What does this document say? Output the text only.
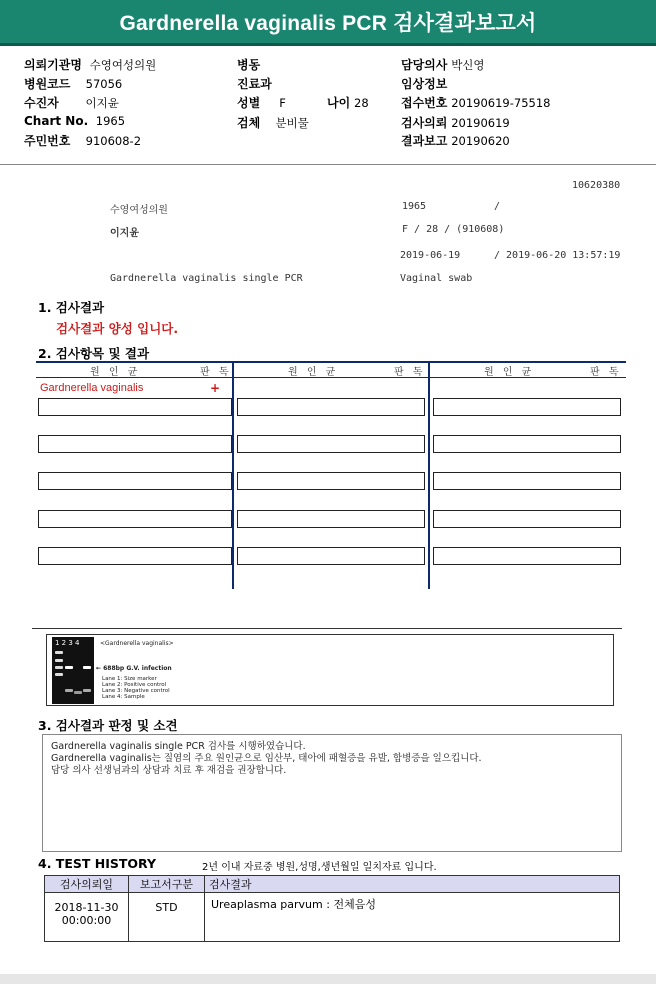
Gardnerella vaginalis PCR 검사결과보고서
의뢰기관명 수영여성의원	병동	담당의사 박신영
병원코드 57056	진료과	임상정보
수진자 이지윤	성별 F	나이 28	접수번호 20190619-75518
Chart No. 1965	검체 분비물	검사의뢰 20190619
주민번호 910608-2	결과보고 20190620
10620380
수영여성의원	1965	/
이지윤	F / 28 / (910608)
2019-06-19	/ 2019-06-20 13:57:19
Gardnerella vaginalis single PCR	Vaginal swab
1. 검사결과
검사결과 양성 입니다.
2. 검사항목 및 결과
원 인 균	판 독	원 인 균	판 독	원 인 균	판 독
Gardnerella vaginalis	+
1 2 3 4	<Gardnerella vaginalis>
← 688bp G.V. infection
Lane 1: Size marker
Lane 2: Positive control
Lane 3: Negative control
Lane 4: Sample
3. 검사결과 판정 및 소견
Gardnerella vaginalis single PCR 검사를 시행하였습니다.
Gardnerella vaginalis는 질염의 주요 원인균으로 임산부, 태아에 패혈증을 유발, 합병증을 일으킵니다.
담당 의사 선생님과의 상담과 치료 후 재검을 권장합니다.
4. TEST HISTORY	2년 이내 자료중 병원,성명,생년월일 일치자료 입니다.
검사의뢰일	보고서구분	검사결과

2018-11-30
00:00:00	STD	Ureaplasma parvum : 전체음성
